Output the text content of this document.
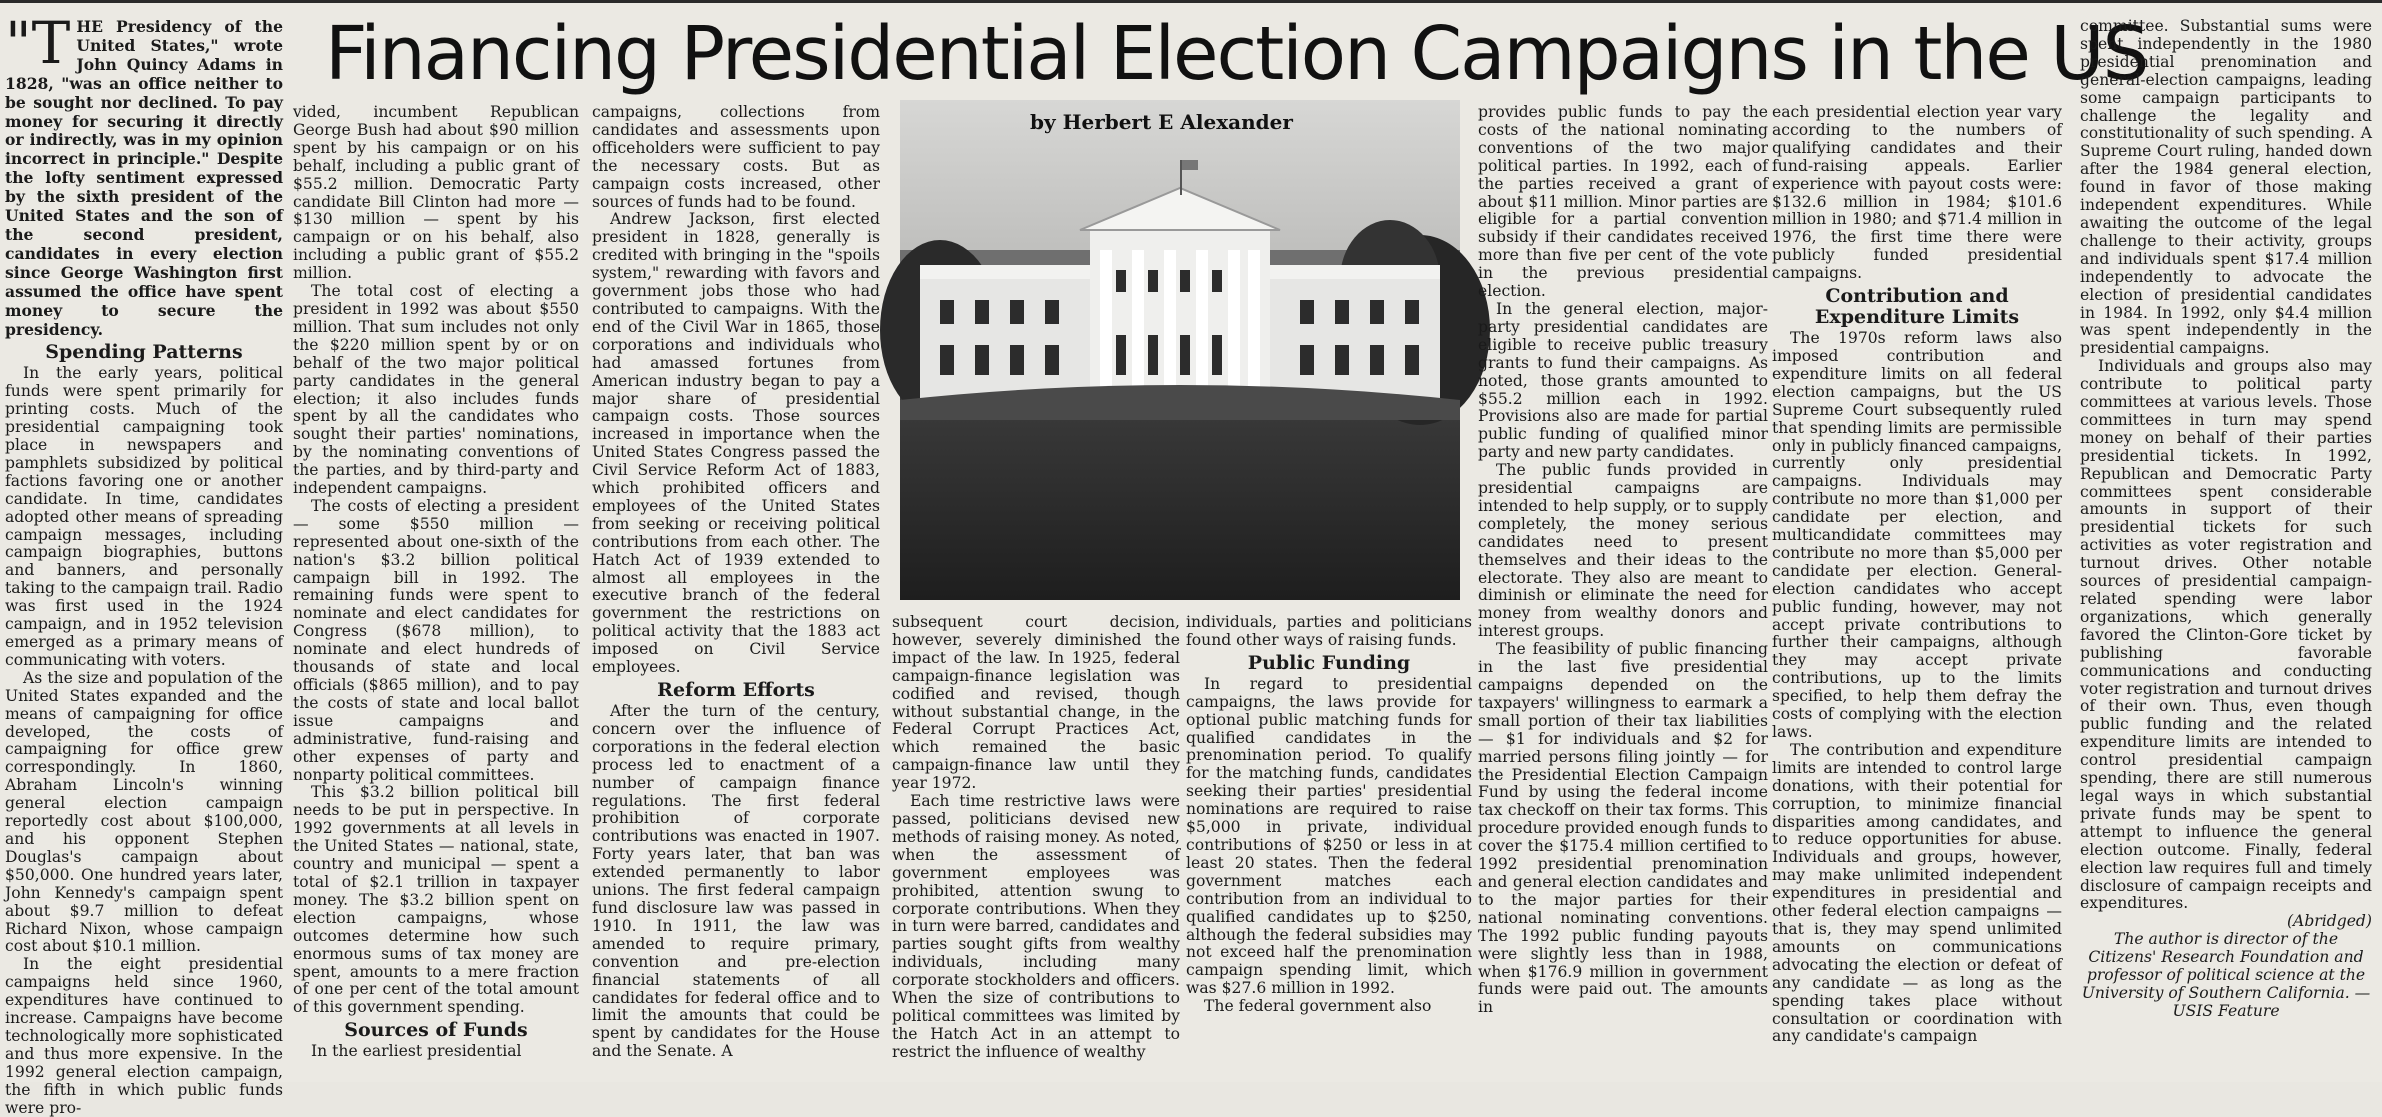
Financing Presidential Election Campaigns in the US
by Herbert E Alexander

"THE Presidency of the United States," wrote John Quincy Adams in 1828, "was an office neither to be sought nor declined. To pay money for securing it directly or indirectly, was in my opinion incorrect in principle." Despite the lofty sentiment expressed by the sixth president of the United States and the son of the second president, candidates in every election since George Washington first assumed the office have spent money to secure the presidency.

Spending Patterns

In the early years, political funds were spent primarily for printing costs. Much of the presidential campaigning took place in newspapers and pamphlets subsidized by political factions favoring one or another candidate. In time, candidates adopted other means of spreading campaign messages, including campaign biographies, buttons and banners, and personally taking to the campaign trail. Radio was first used in the 1924 campaign, and in 1952 television emerged as a primary means of communicating with voters.

As the size and population of the United States expanded and the means of campaigning for office developed, the costs of campaigning for office grew correspondingly. In 1860, Abraham Lincoln's winning general election campaign reportedly cost about $100,000, and his opponent Stephen Douglas's campaign about $50,000. One hundred years later, John Kennedy's campaign spent about $9.7 million to defeat Richard Nixon, whose campaign cost about $10.1 million.

In the eight presidential campaigns held since 1960, expenditures have continued to increase. Campaigns have become technologically more sophisticated and thus more expensive. In the 1992 general election campaign, the fifth in which public funds were pro-

vided, incumbent Republican George Bush had about $90 million spent by his campaign or on his behalf, including a public grant of $55.2 million. Democratic Party candidate Bill Clinton had more — $130 million — spent by his campaign or on his behalf, also including a public grant of $55.2 million.

The total cost of electing a president in 1992 was about $550 million. That sum includes not only the $220 million spent by or on behalf of the two major political party candidates in the general election; it also includes funds spent by all the candidates who sought their parties' nominations, by the nominating conventions of the parties, and by third-party and independent campaigns.

The costs of electing a president — some $550 million — represented about one-sixth of the nation's $3.2 billion political campaign bill in 1992. The remaining funds were spent to nominate and elect candidates for Congress ($678 million), to nominate and elect hundreds of thousands of state and local officials ($865 million), and to pay the costs of state and local ballot issue campaigns and administrative, fund-raising and other expenses of party and nonparty political committees.

This $3.2 billion political bill needs to be put in perspective. In 1992 governments at all levels in the United States — national, state, country and municipal — spent a total of $2.1 trillion in taxpayer money. The $3.2 billion spent on election campaigns, whose outcomes determine how such enormous sums of tax money are spent, amounts to a mere fraction of one per cent of the total amount of this government spending.

Sources of Funds

In the earliest presidential

campaigns, collections from candidates and assessments upon officeholders were sufficient to pay the necessary costs. But as campaign costs increased, other sources of funds had to be found.

Andrew Jackson, first elected president in 1828, generally is credited with bringing in the "spoils system," rewarding with favors and government jobs those who had contributed to campaigns. With the end of the Civil War in 1865, those corporations and individuals who had amassed fortunes from American industry began to pay a major share of presidential campaign costs. Those sources increased in importance when the United States Congress passed the Civil Service Reform Act of 1883, which prohibited officers and employees of the United States from seeking or receiving political contributions from each other. The Hatch Act of 1939 extended to almost all employees in the executive branch of the federal government the restrictions on political activity that the 1883 act imposed on Civil Service employees.

Reform Efforts

After the turn of the century, concern over the influence of corporations in the federal election process led to enactment of a number of campaign finance regulations. The first federal prohibition of corporate contributions was enacted in 1907. Forty years later, that ban was extended permanently to labor unions. The first federal campaign fund disclosure law was passed in 1910. In 1911, the law was amended to require primary, convention and pre-election financial statements of all candidates for federal office and to limit the amounts that could be spent by candidates for the House and the Senate. A

subsequent court decision, however, severely diminished the impact of the law. In 1925, federal campaign-finance legislation was codified and revised, though without substantial change, in the Federal Corrupt Practices Act, which remained the basic campaign-finance law until they year 1972.

Each time restrictive laws were passed, politicians devised new methods of raising money. As noted, when the assessment of government employees was prohibited, attention swung to corporate contributions. When they in turn were barred, candidates and parties sought gifts from wealthy individuals, including many corporate stockholders and officers. When the size of contributions to political committees was limited by the Hatch Act in an attempt to restrict the influence of wealthy

individuals, parties and politicians found other ways of raising funds.

Public Funding

In regard to presidential campaigns, the laws provide for optional public matching funds for qualified candidates in the prenomination period. To qualify for the matching funds, candidates seeking their parties' presidential nominations are required to raise $5,000 in private, individual contributions of $250 or less in at least 20 states. Then the federal government matches each contribution from an individual to qualified candidates up to $250, although the federal subsidies may not exceed half the prenomination campaign spending limit, which was $27.6 million in 1992.

The federal government also

provides public funds to pay the costs of the national nominating conventions of the two major political parties. In 1992, each of the parties received a grant of about $11 million. Minor parties are eligible for a partial convention subsidy if their candidates received more than five per cent of the vote in the previous presidential election.

In the general election, major-party presidential candidates are eligible to receive public treasury grants to fund their campaigns. As noted, those grants amounted to $55.2 million each in 1992. Provisions also are made for partial public funding of qualified minor party and new party candidates.

The public funds provided in presidential campaigns are intended to help supply, or to supply completely, the money serious candidates need to present themselves and their ideas to the electorate. They also are meant to diminish or eliminate the need for money from wealthy donors and interest groups.

The feasibility of public financing in the last five presidential campaigns depended on the taxpayers' willingness to earmark a small portion of their tax liabilities — $1 for individuals and $2 for married persons filing jointly — for the Presidential Election Campaign Fund by using the federal income tax checkoff on their tax forms. This procedure provided enough funds to cover the $175.4 million certified to 1992 presidential prenomination and general election candidates and to the major parties for their national nominating conventions. The 1992 public funding payouts were slightly less than in 1988, when $176.9 million in government funds were paid out. The amounts in

each presidential election year vary according to the numbers of qualifying candidates and their fund-raising appeals. Earlier experience with payout costs were: $132.6 million in 1984; $101.6 million in 1980; and $71.4 million in 1976, the first time there were publicly funded presidential campaigns.

Contribution and Expenditure Limits

The 1970s reform laws also imposed contribution and expenditure limits on all federal election campaigns, but the US Supreme Court subsequently ruled that spending limits are permissible only in publicly financed campaigns, currently only presidential campaigns. Individuals may contribute no more than $1,000 per candidate per election, and multicandidate committees may contribute no more than $5,000 per candidate per election. General-election candidates who accept public funding, however, may not accept private contributions to further their campaigns, although they may accept private contributions, up to the limits specified, to help them defray the costs of complying with the election laws.

The contribution and expenditure limits are intended to control large donations, with their potential for corruption, to minimize financial disparities among candidates, and to reduce opportunities for abuse. Individuals and groups, however, may make unlimited independent expenditures in presidential and other federal election campaigns — that is, they may spend unlimited amounts on communications advocating the election or defeat of any candidate — as long as the spending takes place without consultation or coordination with any candidate's campaign

committee. Substantial sums were spent independently in the 1980 presidential prenomination and general-election campaigns, leading some campaign participants to challenge the legality and constitutionality of such spending. A Supreme Court ruling, handed down after the 1984 general election, found in favor of those making independent expenditures. While awaiting the outcome of the legal challenge to their activity, groups and individuals spent $17.4 million independently to advocate the election of presidential candidates in 1984. In 1992, only $4.4 million was spent independently in the presidential campaigns.

Individuals and groups also may contribute to political party committees at various levels. Those committees in turn may spend money on behalf of their parties presidential tickets. In 1992, Republican and Democratic Party committees spent considerable amounts in support of their presidential tickets for such activities as voter registration and turnout drives. Other notable sources of presidential campaign-related spending were labor organizations, which generally favored the Clinton-Gore ticket by publishing favorable communications and conducting voter registration and turnout drives of their own. Thus, even though public funding and the related expenditure limits are intended to control presidential campaign spending, there are still numerous legal ways in which substantial private funds may be spent to attempt to influence the general election outcome. Finally, federal election law requires full and timely disclosure of campaign receipts and expenditures.

(Abridged)

The author is director of the Citizens' Research Foundation and professor of political science at the University of Southern California. — USIS Feature
